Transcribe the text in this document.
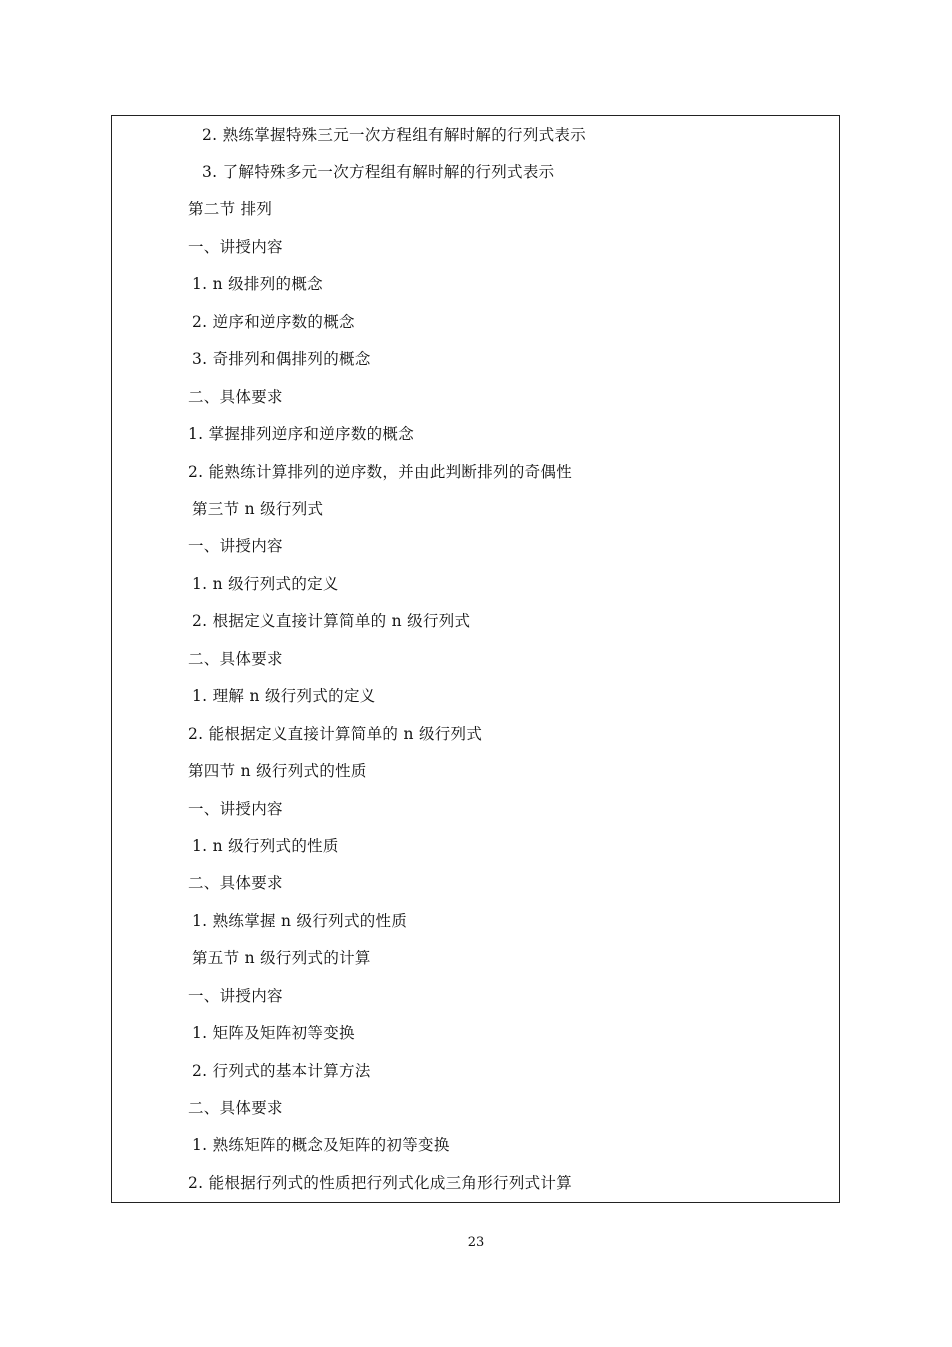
2. 熟练掌握特殊三元一次方程组有解时解的行列式表示
3. 了解特殊多元一次方程组有解时解的行列式表示
第二节 排列
一、讲授内容
1. n 级排列的概念
2. 逆序和逆序数的概念
3. 奇排列和偶排列的概念
二、具体要求
1. 掌握排列逆序和逆序数的概念
2. 能熟练计算排列的逆序数，并由此判断排列的奇偶性
第三节 n 级行列式
一、讲授内容
1. n 级行列式的定义
2. 根据定义直接计算简单的 n 级行列式
二、具体要求
1. 理解 n 级行列式的定义
2. 能根据定义直接计算简单的 n 级行列式
第四节 n 级行列式的性质
一、讲授内容
1. n 级行列式的性质
二、具体要求
1. 熟练掌握 n 级行列式的性质
第五节 n 级行列式的计算
一、讲授内容
1. 矩阵及矩阵初等变换
2. 行列式的基本计算方法
二、具体要求
1. 熟练矩阵的概念及矩阵的初等变换
2. 能根据行列式的性质把行列式化成三角形行列式计算
23
